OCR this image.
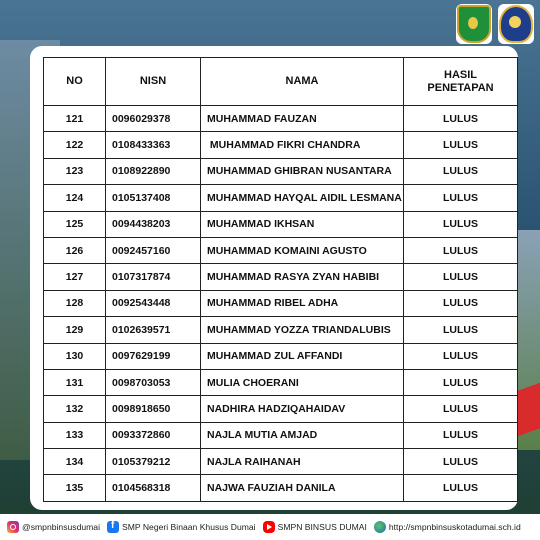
NO	NISN	NAMA	HASIL
PENETAPAN
121	0096029378	MUHAMMAD FAUZAN	LULUS
122	0108433363	MUHAMMAD FIKRI CHANDRA	LULUS
123	0108922890	MUHAMMAD GHIBRAN NUSANTARA	LULUS
124	0105137408	MUHAMMAD HAYQAL AIDIL LESMANA	LULUS
125	0094438203	MUHAMMAD IKHSAN	LULUS
126	0092457160	MUHAMMAD KOMAINI AGUSTO	LULUS
127	0107317874	MUHAMMAD RASYA ZYAN HABIBI	LULUS
128	0092543448	MUHAMMAD RIBEL ADHA	LULUS
129	0102639571	MUHAMMAD YOZZA TRIANDALUBIS	LULUS
130	0097629199	MUHAMMAD ZUL AFFANDI	LULUS
131	0098703053	MULIA CHOERANI	LULUS
132	0098918650	NADHIRA HADZIQAHAIDAV	LULUS
133	0093372860	NAJLA MUTIA AMJAD	LULUS
134	0105379212	NAJLA RAIHANAH	LULUS
135	0104568318	NAJWA FAUZIAH DANILA	LULUS
@smpnbinsusdumai f	SMP Negeri Binaan Khusus Dumai	SMPN BINSUS DUMAI	http://smpnbinsuskotadumai.sch.id
